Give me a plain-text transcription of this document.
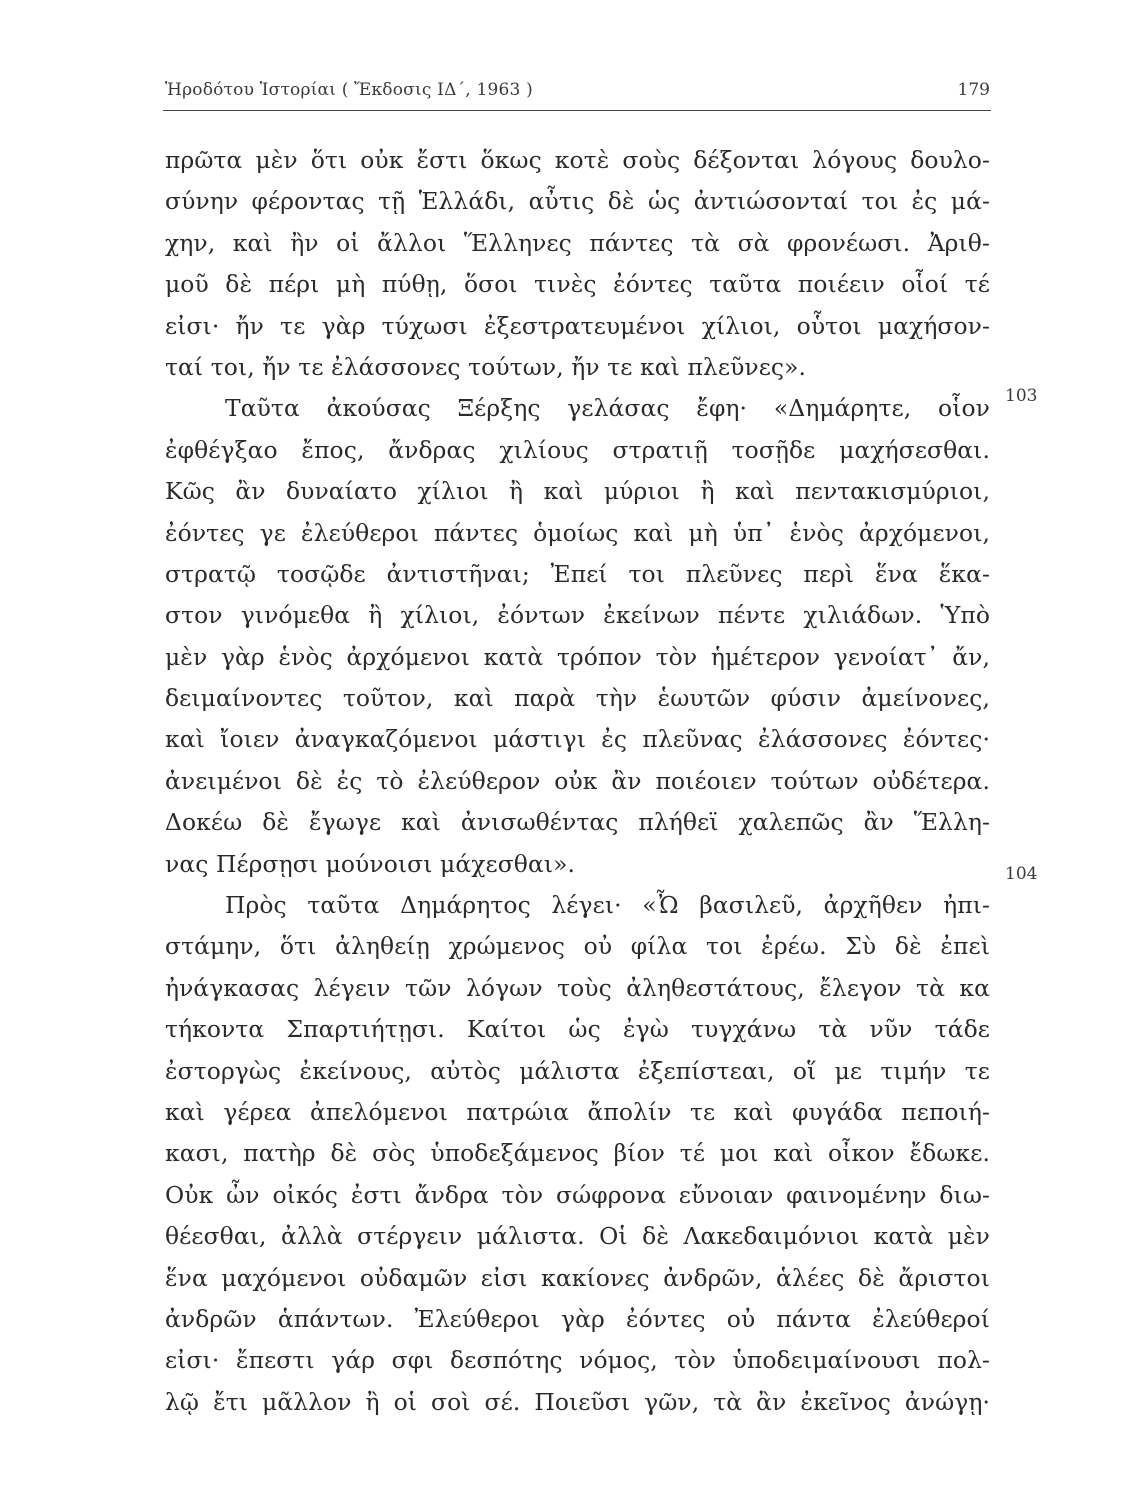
Ἡροδότου Ἱστορίαι ( Ἔκδοσις ΙΔ΄, 1963 )	179
103
104
πρῶτα μὲν ὅτι οὐκ ἔστι ὅκως κοτὲ σοὺς δέξονται λόγους δουλο-
σύνην φέροντας τῇ Ἑλλάδι, αὖτις δὲ ὡς ἀντιώσονταί τοι ἐς μά-
χην, καὶ ἢν οἱ ἄλλοι Ἕλληνες πάντες τὰ σὰ φρονέωσι. Ἀριθ-
μοῦ δὲ πέρι μὴ πύθῃ, ὅσοι τινὲς ἐόντες ταῦτα ποιέειν οἷοί τέ
εἰσι· ἤν τε γὰρ τύχωσι ἐξεστρατευμένοι χίλιοι, οὗτοι μαχήσον-
ταί τοι, ἤν τε ἐλάσσονες τούτων, ἤν τε καὶ πλεῦνες».
Ταῦτα ἀκούσας Ξέρξης γελάσας ἔφη· «Δημάρητε, οἷον
ἐφθέγξαο ἔπος, ἄνδρας χιλίους στρατιῇ τοσῇδε μαχήσεσθαι.
Κῶς ἂν δυναίατο χίλιοι ἢ καὶ μύριοι ἢ καὶ πεντακισμύριοι,
ἐόντες γε ἐλεύθεροι πάντες ὁμοίως καὶ μὴ ὑπ᾽ ἑνὸς ἀρχόμενοι,
στρατῷ τοσῷδε ἀντιστῆναι; Ἐπεί τοι πλεῦνες περὶ ἕνα ἕκα-
στον γινόμεθα ἢ χίλιοι, ἐόντων ἐκείνων πέντε χιλιάδων. Ὑπὸ
μὲν γὰρ ἑνὸς ἀρχόμενοι κατὰ τρόπον τὸν ἡμέτερον γενοίατ᾽ ἄν,
δειμαίνοντες τοῦτον, καὶ παρὰ τὴν ἑωυτῶν φύσιν ἀμείνονες,
καὶ ἴοιεν ἀναγκαζόμενοι μάστιγι ἐς πλεῦνας ἐλάσσονες ἐόντες·
ἀνειμένοι δὲ ἐς τὸ ἐλεύθερον οὐκ ἂν ποιέοιεν τούτων οὐδέτερα.
Δοκέω δὲ ἔγωγε καὶ ἀνισωθέντας πλήθεϊ χαλεπῶς ἂν Ἕλλη-
νας Πέρσῃσι μούνοισι μάχεσθαι».
Πρὸς ταῦτα Δημάρητος λέγει· «Ὦ βασιλεῦ, ἀρχῆθεν ἠπι-
στάμην, ὅτι ἀληθείῃ χρώμενος οὐ φίλα τοι ἐρέω. Σὺ δὲ ἐπεὶ
ἠνάγκασας λέγειν τῶν λόγων τοὺς ἀληθεστάτους, ἔλεγον τὰ κα
τήκοντα Σπαρτιήτῃσι. Καίτοι ὡς ἐγὼ τυγχάνω τὰ νῦν τάδε
ἐστοργὼς ἐκείνους, αὐτὸς μάλιστα ἐξεπίστεαι, οἵ με τιμήν τε
καὶ γέρεα ἀπελόμενοι πατρώια ἄπολίν τε καὶ φυγάδα πεποιή-
κασι, πατὴρ δὲ σὸς ὑποδεξάμενος βίον τέ μοι καὶ οἶκον ἔδωκε.
Οὐκ ὦν οἰκός ἐστι ἄνδρα τὸν σώφρονα εὔνοιαν φαινομένην διω-
θέεσθαι, ἀλλὰ στέργειν μάλιστα. Οἱ δὲ Λακεδαιμόνιοι κατὰ μὲν
ἕνα μαχόμενοι οὐδαμῶν εἰσι κακίονες ἀνδρῶν, ἁλέες δὲ ἄριστοι
ἀνδρῶν ἁπάντων. Ἐλεύθεροι γὰρ ἐόντες οὐ πάντα ἐλεύθεροί
εἰσι· ἔπεστι γάρ σφι δεσπότης νόμος, τὸν ὑποδειμαίνουσι πολ-
λῷ ἔτι μᾶλλον ἢ οἱ σοὶ σέ. Ποιεῦσι γῶν, τὰ ἂν ἐκεῖνος ἀνώγῃ·
